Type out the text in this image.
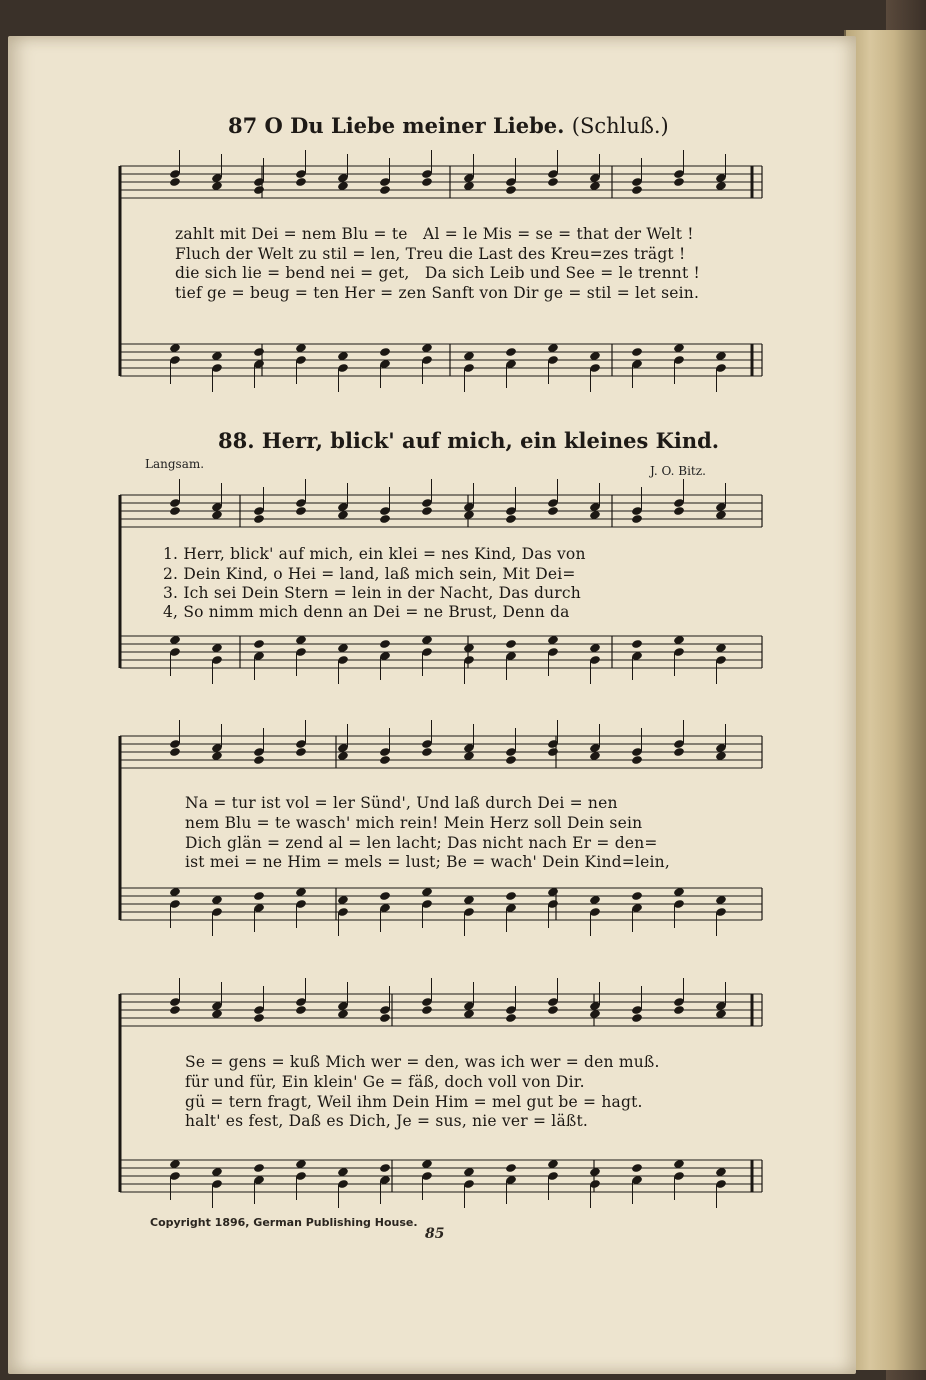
87 O Du Liebe meiner Liebe. (Schluß.)
88. Herr, blick' auf mich, ein kleines Kind.
Langsam.	J. O. Bitz.
zahlt mit Dei = nem Blu = te   Al = le Mis = se = that der Welt !
Fluch der Welt zu stil = len, Treu die Last des Kreu=zes trägt !
die sich lie = bend nei = get,   Da sich Leib und See = le trennt !
tief ge = beug = ten Her = zen Sanft von Dir ge = stil = let sein.
1. Herr, blick' auf mich, ein klei = nes Kind, Das von
2. Dein Kind, o Hei = land, laß mich sein, Mit Dei=
3. Ich sei Dein Stern = lein in der Nacht, Das durch
4, So nimm mich denn an Dei = ne Brust, Denn da
Na = tur ist vol = ler Sünd', Und laß durch Dei = nen
nem Blu = te wasch' mich rein! Mein Herz soll Dein sein
Dich glän = zend al = len lacht; Das nicht nach Er = den=
ist mei = ne Him = mels = lust; Be = wach' Dein Kind=lein,
Se = gens = kuß Mich wer = den, was ich wer = den muß.
für und für, Ein klein' Ge = fäß, doch voll von Dir.
gü = tern fragt, Weil ihm Dein Him = mel gut be = hagt.
halt' es fest, Daß es Dich, Je = sus, nie ver = läßt.
Copyright 1896, German Publishing House.
85
